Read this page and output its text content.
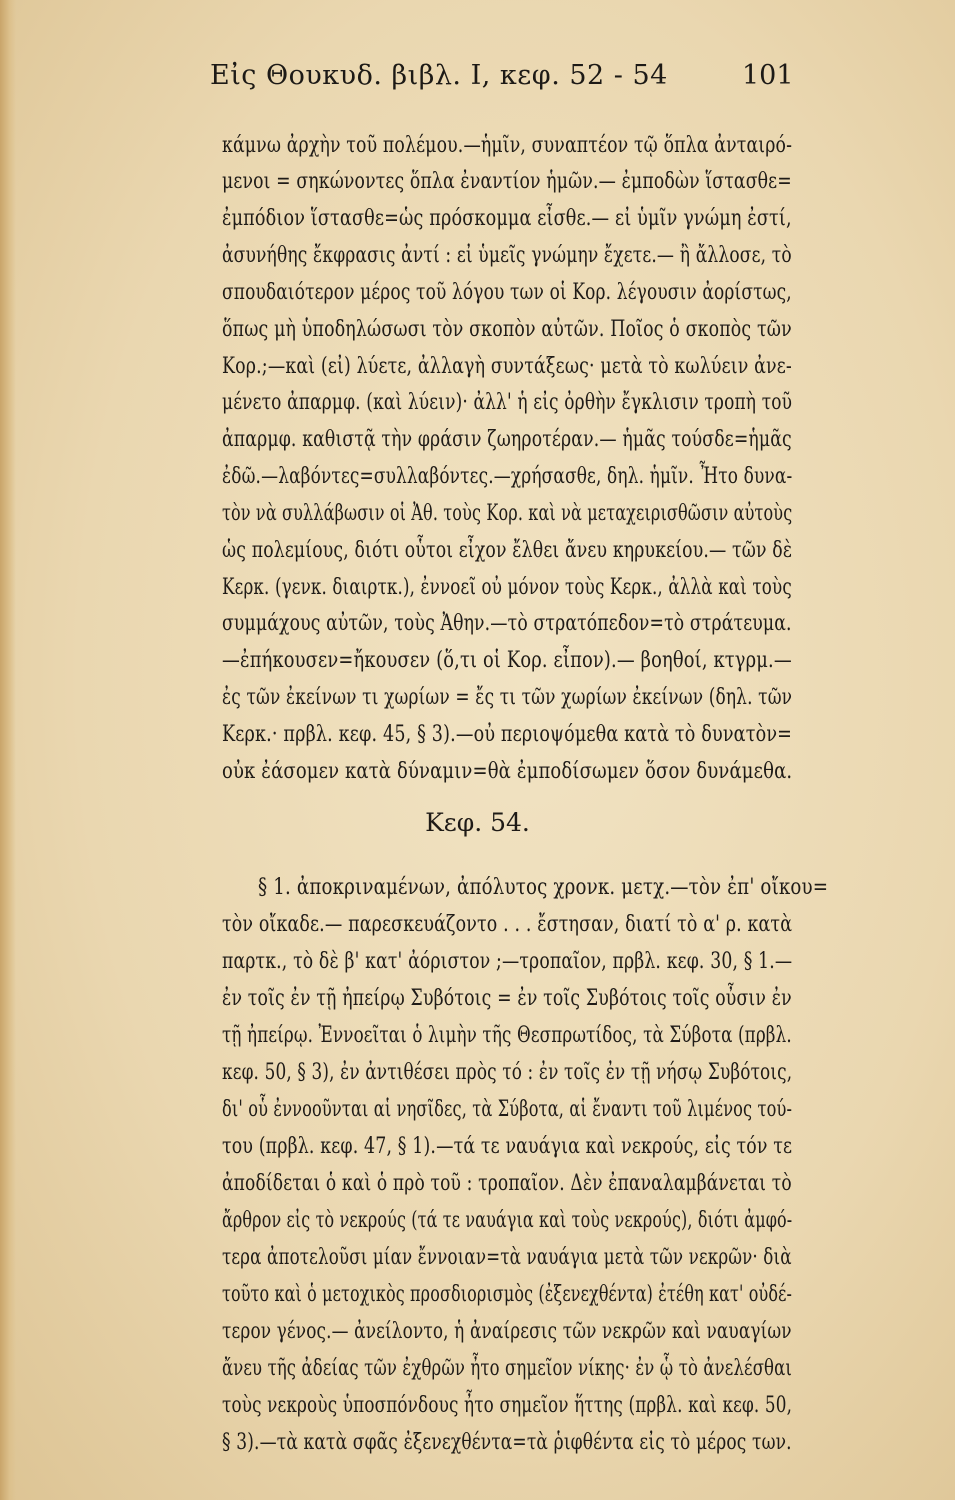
Εἰς Θουκυδ. βιβλ. I, κεφ. 52 - 54	101
κάμνω ἀρχὴν τοῦ πολέμου.—ἡμῖν, συναπτέον τῷ ὅπλα ἀνταιρό-
μενοι = σηκώνοντες ὅπλα ἐναντίον ἡμῶν.— ἐμποδὼν ἵστασθε=
ἐμπόδιον ἵστασθε=ὡς πρόσκομμα εἶσθε.— εἰ ὑμῖν γνώμη ἐστί,
ἀσυνήθης ἔκφρασις ἀντί : εἰ ὑμεῖς γνώμην ἔχετε.— ἢ ἄλλοσε, τὸ
σπουδαιότερον μέρος τοῦ λόγου των οἱ Κορ. λέγουσιν ἀορίστως,
ὅπως μὴ ὑποδηλώσωσι τὸν σκοπὸν αὐτῶν. Ποῖος ὁ σκοπὸς τῶν
Κορ.;—καὶ (εἰ) λύετε, ἀλλαγὴ συντάξεως· μετὰ τὸ κωλύειν ἀνε-
μένετο ἀπαρμφ. (καὶ λύειν)· ἀλλ' ἡ εἰς ὀρθὴν ἔγκλισιν τροπὴ τοῦ
ἀπαρμφ. καθιστᾷ τὴν φράσιν ζωηροτέραν.— ἡμᾶς τούσδε=ἡμᾶς
ἐδῶ.—λαβόντες=συλλαβόντες.—χρήσασθε, δηλ. ἡμῖν. Ἦτο δυνα-
τὸν νὰ συλλάβωσιν οἱ Ἀθ. τοὺς Κορ. καὶ νὰ μεταχειρισθῶσιν αὐτοὺς
ὡς πολεμίους, διότι οὗτοι εἶχον ἔλθει ἄνευ κηρυκείου.— τῶν δὲ
Κερκ. (γενκ. διαιρτκ.), ἐννοεῖ οὐ μόνον τοὺς Κερκ., ἀλλὰ καὶ τοὺς
συμμάχους αὐτῶν, τοὺς Ἀθην.—τὸ στρατόπεδον=τὸ στράτευμα.
—ἐπήκουσεν=ἤκουσεν (ὅ,τι οἱ Κορ. εἶπον).— βοηθοί, κτγρμ.—
ἐς τῶν ἐκείνων τι χωρίων = ἔς τι τῶν χωρίων ἐκείνων (δηλ. τῶν
Κερκ.· πρβλ. κεφ. 45, § 3).—οὐ περιοψόμεθα κατὰ τὸ δυνατὸν=
οὐκ ἐάσομεν κατὰ δύναμιν=θὰ ἐμποδίσωμεν ὅσον δυνάμεθα.
Κεφ. 54.
§ 1. ἀποκριναμένων, ἀπόλυτος χρονκ. μετχ.—τὸν ἐπ' οἴκου=
τὸν οἴκαδε.— παρεσκευάζοντο . . . ἔστησαν, διατί τὸ α' ρ. κατὰ
παρτκ., τὸ δὲ β' κατ' ἀόριστον ;—τροπαῖον, πρβλ. κεφ. 30, § 1.—
ἐν τοῖς ἐν τῇ ἠπείρῳ Συβότοις = ἐν τοῖς Συβότοις τοῖς οὖσιν ἐν
τῇ ἠπείρῳ. Ἐννοεῖται ὁ λιμὴν τῆς Θεσπρωτίδος, τὰ Σύβοτα (πρβλ.
κεφ. 50, § 3), ἐν ἀντιθέσει πρὸς τό : ἐν τοῖς ἐν τῇ νήσῳ Συβότοις,
δι' οὗ ἐννοοῦνται αἱ νησῖδες, τὰ Σύβοτα, αἱ ἔναντι τοῦ λιμένος τού-
του (πρβλ. κεφ. 47, § 1).—τά τε ναυάγια καὶ νεκρούς, εἰς τόν τε
ἀποδίδεται ὁ καὶ ὁ πρὸ τοῦ : τροπαῖον. Δὲν ἐπαναλαμβάνεται τὸ
ἄρθρον εἰς τὸ νεκρούς (τά τε ναυάγια καὶ τοὺς νεκρούς), διότι ἀμφό-
τερα ἀποτελοῦσι μίαν ἔννοιαν=τὰ ναυάγια μετὰ τῶν νεκρῶν· διὰ
τοῦτο καὶ ὁ μετοχικὸς προσδιορισμὸς (ἐξενεχθέντα) ἐτέθη κατ' οὐδέ-
τερον γένος.— ἀνείλοντο, ἡ ἀναίρεσις τῶν νεκρῶν καὶ ναυαγίων
ἄνευ τῆς ἀδείας τῶν ἐχθρῶν ἦτο σημεῖον νίκης· ἐν ᾧ τὸ ἀνελέσθαι
τοὺς νεκροὺς ὑποσπόνδους ἦτο σημεῖον ἥττης (πρβλ. καὶ κεφ. 50,
§ 3).—τὰ κατὰ σφᾶς ἐξενεχθέντα=τὰ ῥιφθέντα εἰς τὸ μέρος των.
